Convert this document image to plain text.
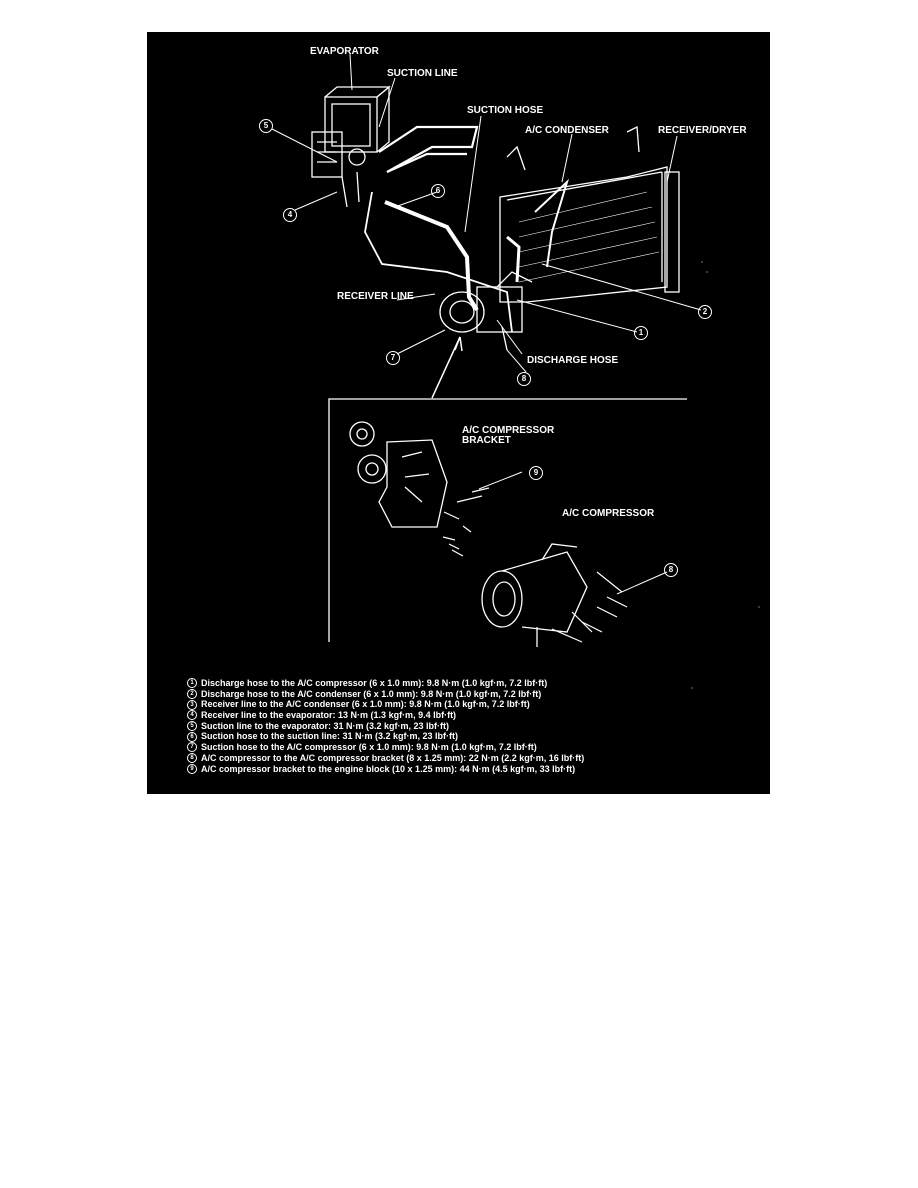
EVAPORATOR
SUCTION LINE
SUCTION HOSE
A/C CONDENSER	RECEIVER/DRYER
RECEIVER LINE
DISCHARGE HOSE
A/C COMPRESSOR
BRACKET
A/C COMPRESSOR
5
4
6
2
1
7
8
9
8
1 Discharge hose to the A/C compressor (6 x 1.0 mm): 9.8 N·m (1.0 kgf·m, 7.2 lbf·ft)
2 Discharge hose to the A/C condenser (6 x 1.0 mm): 9.8 N·m (1.0 kgf·m, 7.2 lbf·ft)
3 Receiver line to the A/C condenser (6 x 1.0 mm): 9.8 N·m (1.0 kgf·m, 7.2 lbf·ft)
4 Receiver line to the evaporator: 13 N·m (1.3 kgf·m, 9.4 lbf·ft)
5 Suction line to the evaporator: 31 N·m (3.2 kgf·m, 23 lbf·ft)
6 Suction hose to the suction line: 31 N·m (3.2 kgf·m, 23 lbf·ft)
7 Suction hose to the A/C compressor (6 x 1.0 mm): 9.8 N·m (1.0 kgf·m, 7.2 lbf·ft)
8 A/C compressor to the A/C compressor bracket (8 x 1.25 mm): 22 N·m (2.2 kgf·m, 16 lbf·ft)
9 A/C compressor bracket to the engine block (10 x 1.25 mm): 44 N·m (4.5 kgf·m, 33 lbf·ft)
